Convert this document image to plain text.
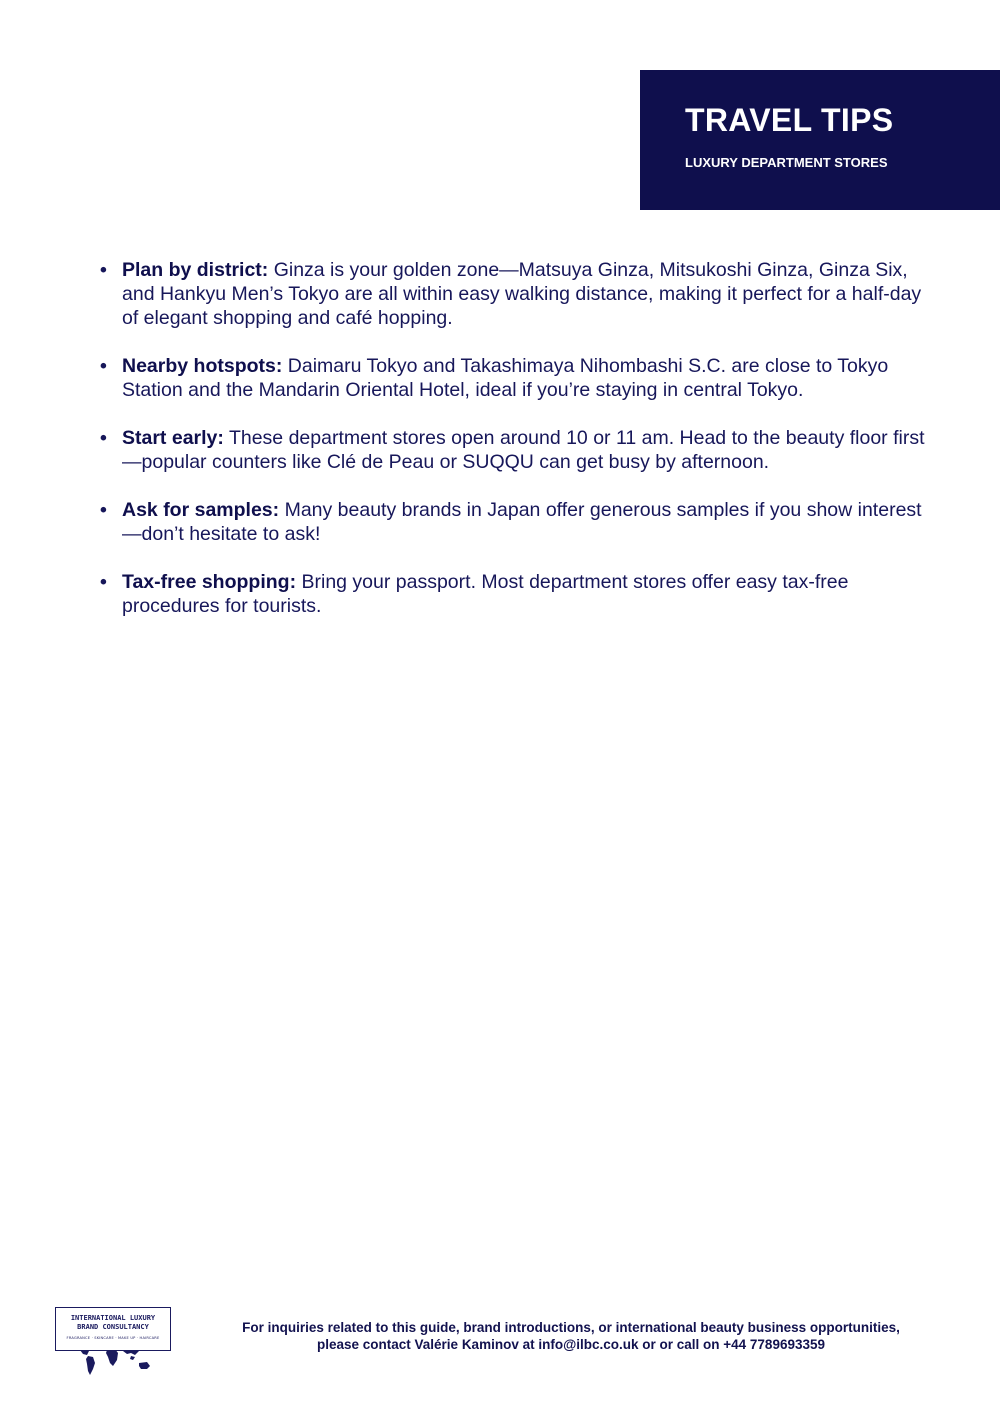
TRAVEL TIPS
LUXURY DEPARTMENT STORES
• Plan by district: Ginza is your golden zone—Matsuya Ginza, Mitsukoshi Ginza, Ginza Six, and Hankyu Men’s Tokyo are all within easy walking distance, making it perfect for a half-day of elegant shopping and café hopping.
• Nearby hotspots: Daimaru Tokyo and Takashimaya Nihombashi S.C. are close to Tokyo Station and the Mandarin Oriental Hotel, ideal if you’re staying in central Tokyo.
• Start early: These department stores open around 10 or 11 am. Head to the beauty floor first—popular counters like Clé de Peau or SUQQU can get busy by afternoon.
• Ask for samples: Many beauty brands in Japan offer generous samples if you show interest—don’t hesitate to ask!
• Tax-free shopping: Bring your passport. Most department stores offer easy tax-free procedures for tourists.
INTERNATIONAL LUXURY
BRAND CONSULTANCY
FRAGRANCE · SKINCARE · MAKE UP · HAIRCARE
For inquiries related to this guide, brand introductions, or international beauty business opportunities,
please contact Valérie Kaminov at info@ilbc.co.uk or or call on +44 7789693359
